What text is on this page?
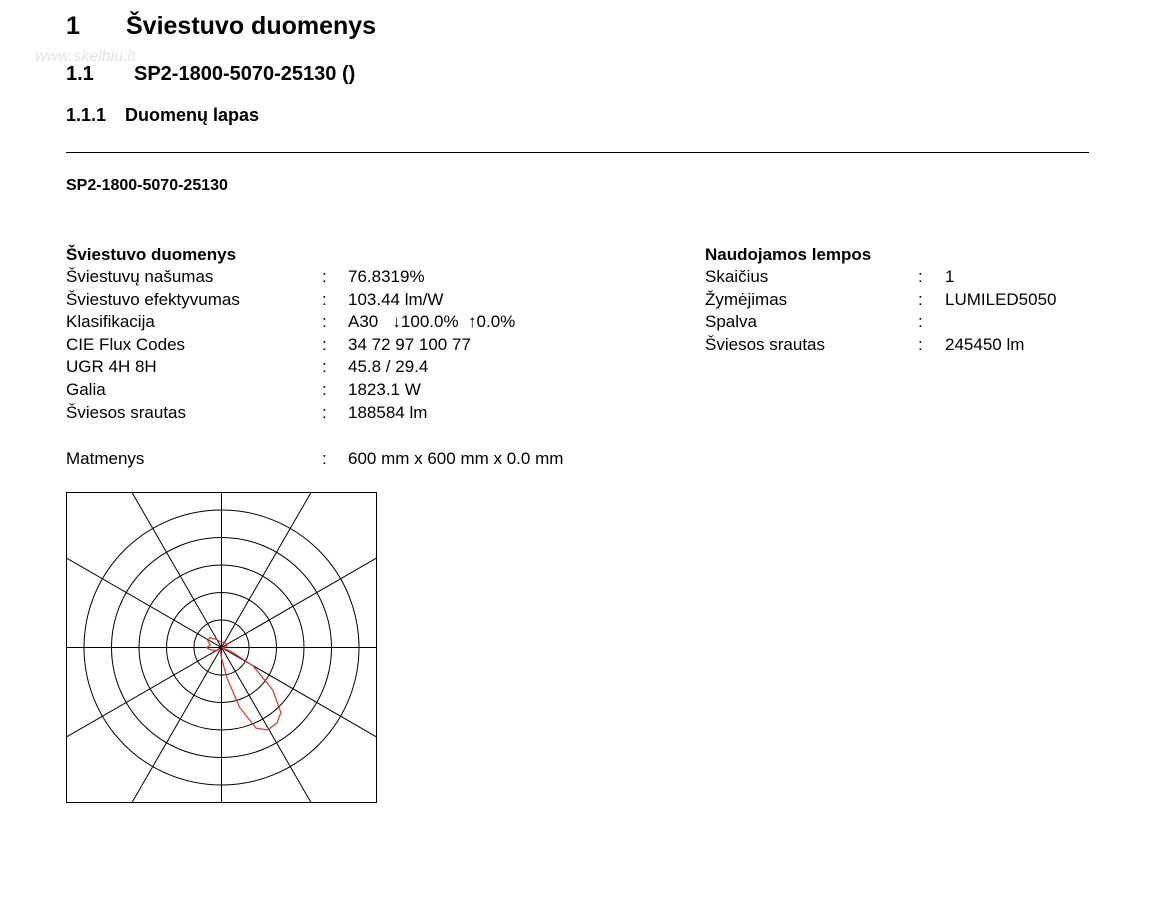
www.skelbiu.lt
1 Šviestuvo duomenys
1.1 SP2-1800-5070-25130 ()
1.1.1 Duomenų lapas
SP2-1800-5070-25130
Šviestuvo duomenys
Šviestuvų našumas	: 76.8319%
Šviestuvo efektyvumas	: 103.44 lm/W
Klasifikacija	: A30   ↓100.0%  ↑0.0%
CIE Flux Codes	: 34 72 97 100 77
UGR 4H 8H	: 45.8 / 29.4
Galia	: 1823.1 W
Šviesos srautas	: 188584 lm
Matmenys	: 600 mm x 600 mm x 0.0 mm
Naudojamos lempos
Skaičius	: 1
Žymėjimas	: LUMILED5050
Spalva	:
Šviesos srautas	: 245450 lm
